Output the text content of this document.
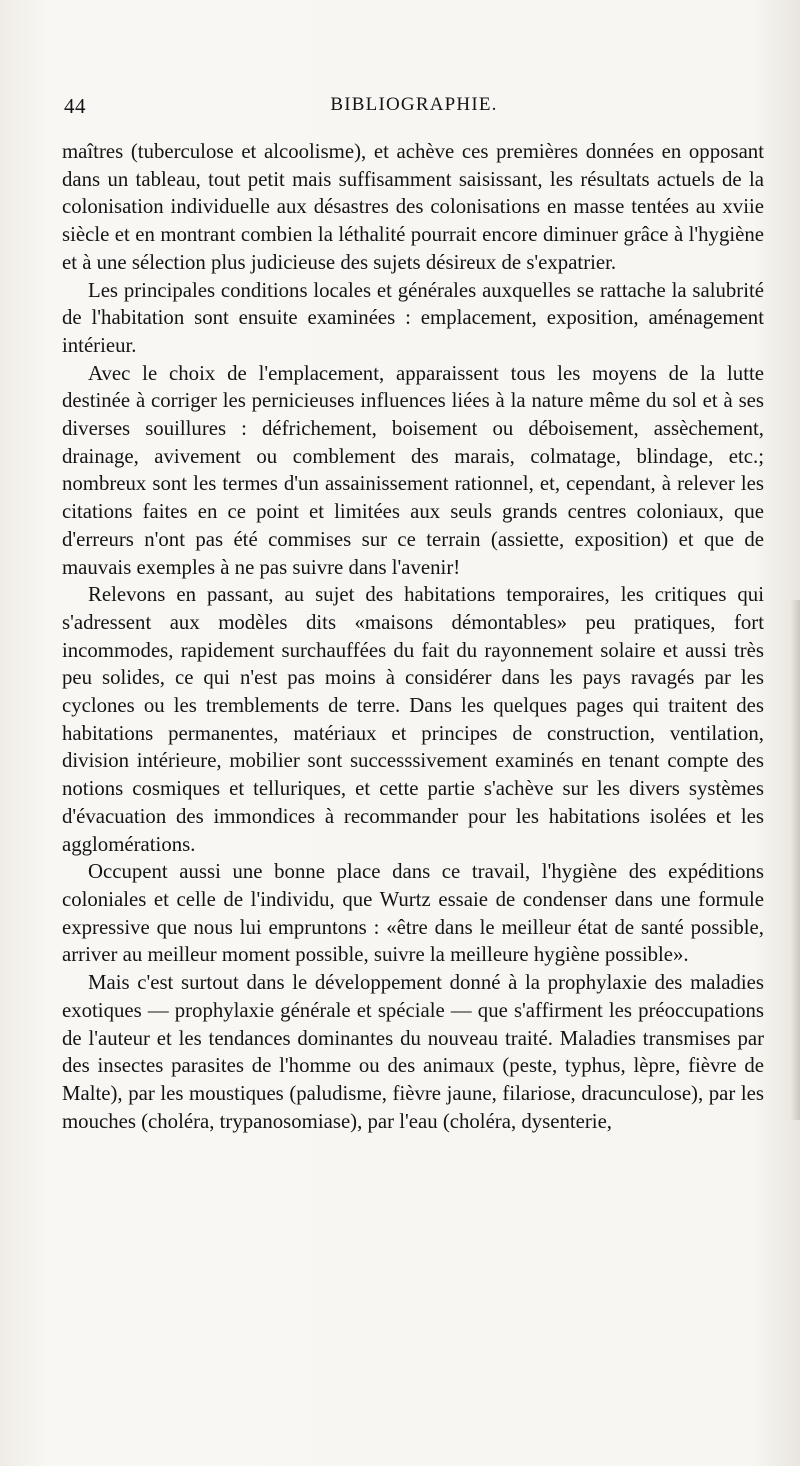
44	BIBLIOGRAPHIE.

maîtres (tuberculose et alcoolisme), et achève ces premières données en opposant dans un tableau, tout petit mais suffisamment saisissant, les résultats actuels de la colonisation individuelle aux désastres des colonisations en masse tentées au xviie siècle et en montrant combien la léthalité pourrait encore diminuer grâce à l'hygiène et à une sélection plus judicieuse des sujets désireux de s'expatrier.

Les principales conditions locales et générales auxquelles se rattache la salubrité de l'habitation sont ensuite examinées : emplacement, exposition, aménagement intérieur.

Avec le choix de l'emplacement, apparaissent tous les moyens de la lutte destinée à corriger les pernicieuses influences liées à la nature même du sol et à ses diverses souillures : défrichement, boisement ou déboisement, assèchement, drainage, avivement ou comblement des marais, colmatage, blindage, etc.; nombreux sont les termes d'un assainissement rationnel, et, cependant, à relever les citations faites en ce point et limitées aux seuls grands centres coloniaux, que d'erreurs n'ont pas été commises sur ce terrain (assiette, exposition) et que de mauvais exemples à ne pas suivre dans l'avenir!

Relevons en passant, au sujet des habitations temporaires, les critiques qui s'adressent aux modèles dits «maisons démontables» peu pratiques, fort incommodes, rapidement surchauffées du fait du rayonnement solaire et aussi très peu solides, ce qui n'est pas moins à considérer dans les pays ravagés par les cyclones ou les tremblements de terre. Dans les quelques pages qui traitent des habitations permanentes, matériaux et principes de construction, ventilation, division intérieure, mobilier sont successsivement examinés en tenant compte des notions cosmiques et telluriques, et cette partie s'achève sur les divers systèmes d'évacuation des immondices à recommander pour les habitations isolées et les agglomérations.

Occupent aussi une bonne place dans ce travail, l'hygiène des expéditions coloniales et celle de l'individu, que Wurtz essaie de condenser dans une formule expressive que nous lui empruntons : «être dans le meilleur état de santé possible, arriver au meilleur moment possible, suivre la meilleure hygiène possible».

Mais c'est surtout dans le développement donné à la prophylaxie des maladies exotiques — prophylaxie générale et spéciale — que s'affirment les préoccupations de l'auteur et les tendances dominantes du nouveau traité. Maladies transmises par des insectes parasites de l'homme ou des animaux (peste, typhus, lèpre, fièvre de Malte), par les moustiques (paludisme, fièvre jaune, filariose, dracunculose), par les mouches (choléra, trypanosomiase), par l'eau (choléra, dysenterie,
